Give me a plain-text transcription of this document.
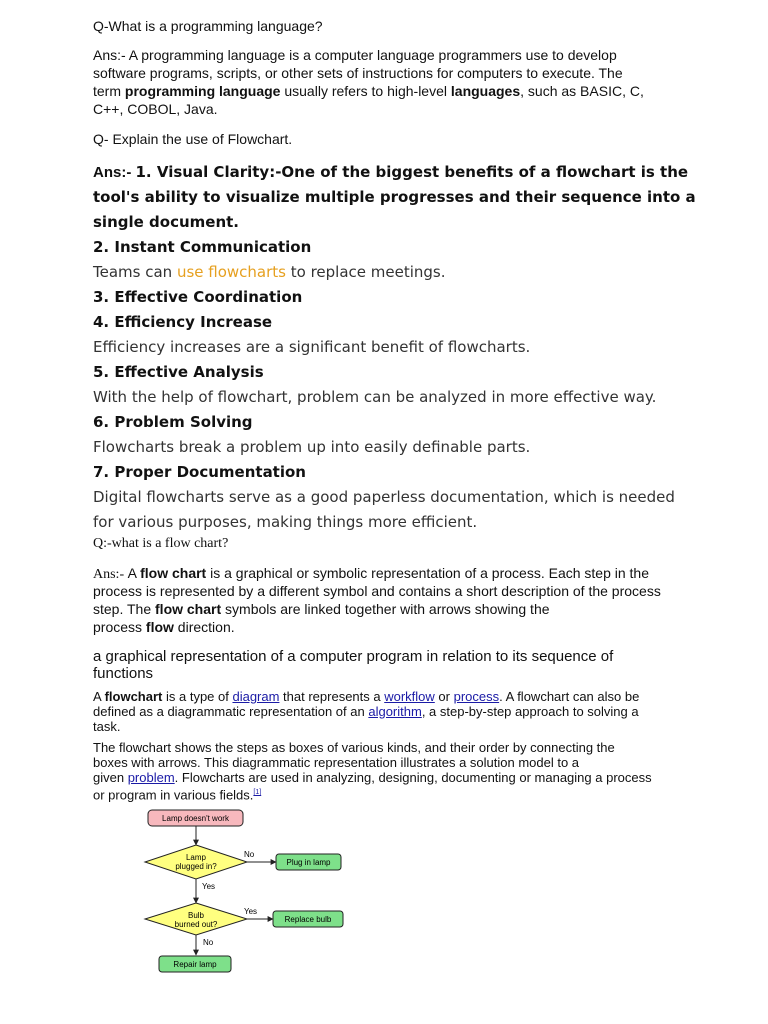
Q-What is a programming language?
Ans:- A programming language is a computer language programmers use to develop
software programs, scripts, or other sets of instructions for computers to execute. The
term programming language usually refers to high-level languages, such as BASIC, C,
C++, COBOL, Java.
Q- Explain the use of Flowchart.
Ans:- 1. Visual Clarity:-One of the biggest benefits of a flowchart is the
tool's ability to visualize multiple progresses and their sequence into a
single document.
2. Instant Communication
Teams can use flowcharts to replace meetings.
3. Effective Coordination
4. Efficiency Increase
Efficiency increases are a significant benefit of flowcharts.
5. Effective Analysis
With the help of flowchart, problem can be analyzed in more effective way.
6. Problem Solving
Flowcharts break a problem up into easily definable parts.
7. Proper Documentation
Digital flowcharts serve as a good paperless documentation, which is needed
for various purposes, making things more efficient.
Q:-what is a flow chart?
Ans:- A flow chart is a graphical or symbolic representation of a process. Each step in the
process is represented by a different symbol and contains a short description of the process
step. The flow chart symbols are linked together with arrows showing the
process flow direction.
a graphical representation of a computer program in relation to its sequence of
functions
A flowchart is a type of diagram that represents a workflow or process. A flowchart can also be
defined as a diagrammatic representation of an algorithm, a step-by-step approach to solving a
task.
The flowchart shows the steps as boxes of various kinds, and their order by connecting the
boxes with arrows. This diagrammatic representation illustrates a solution model to a
given problem. Flowcharts are used in analyzing, designing, documenting or managing a process
or program in various fields.[1]
Lamp doesn't work
Lamp
plugged in?
No
Plug in lamp
Yes
Bulb
burned out?
Yes
Replace bulb
No
Repair lamp
